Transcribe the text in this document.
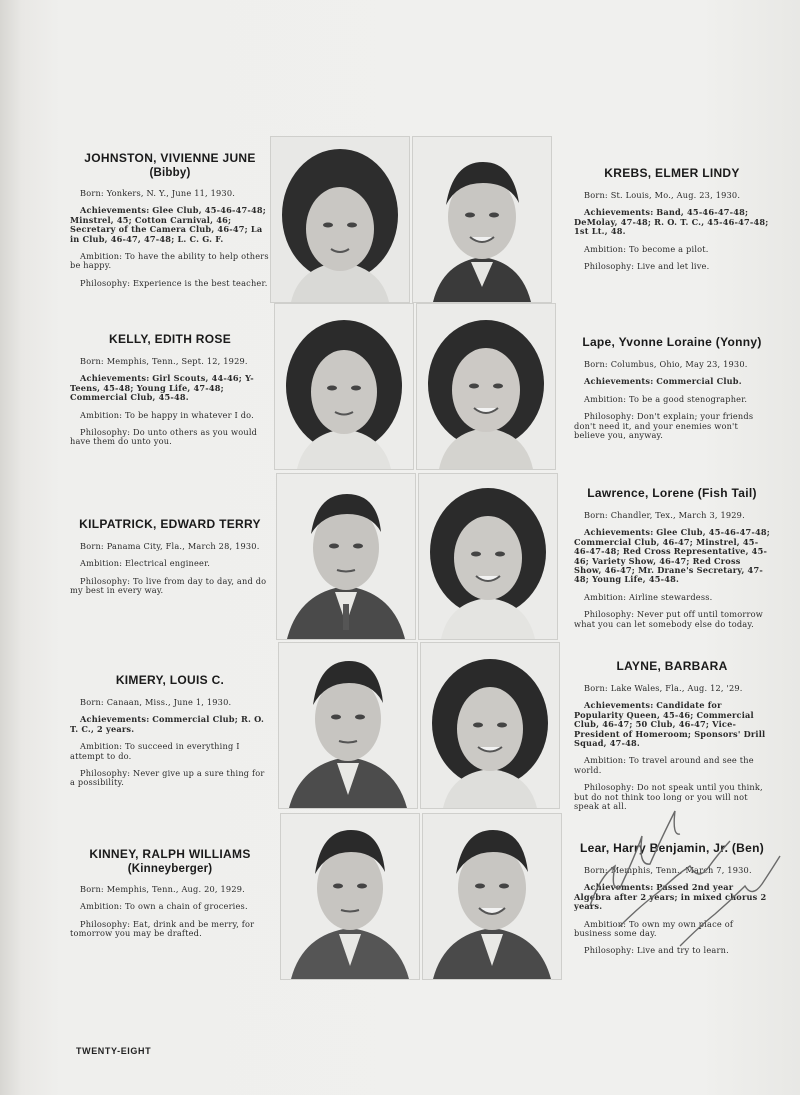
JOHNSTON, VIVIENNE JUNE
(Bibby)

Born: Yonkers, N. Y., June 11, 1930.

Achievements: Glee Club, 45-46-47-48; Minstrel, 45; Cotton Carnival, 46; Secretary of the Camera Club, 46-47; La in Club, 46-47, 47-48; L. C. G. F.

Ambition: To have the ability to help others be happy.

Philosophy: Experience is the best teacher.

KELLY, EDITH ROSE

Born: Memphis, Tenn., Sept. 12, 1929.

Achievements: Girl Scouts, 44-46; Y-Teens, 45-48; Young Life, 47-48; Commercial Club, 45-48.

Ambition: To be happy in whatever I do.

Philosophy: Do unto others as you would have them do unto you.

KILPATRICK, EDWARD TERRY

Born: Panama City, Fla., March 28, 1930.

Ambition: Electrical engineer.

Philosophy: To live from day to day, and do my best in every way.

KIMERY, LOUIS C.

Born: Canaan, Miss., June 1, 1930.

Achievements: Commercial Club; R. O. T. C., 2 years.

Ambition: To succeed in everything I attempt to do.

Philosophy: Never give up a sure thing for a possibility.

KINNEY, RALPH WILLIAMS
(Kinneyberger)

Born: Memphis, Tenn., Aug. 20, 1929.

Ambition: To own a chain of groceries.

Philosophy: Eat, drink and be merry, for tomorrow you may be drafted.

KREBS, ELMER LINDY

Born: St. Louis, Mo., Aug. 23, 1930.

Achievements: Band, 45-46-47-48; DeMolay, 47-48; R. O. T. C., 45-46-47-48; 1st Lt., 48.

Ambition: To become a pilot.

Philosophy: Live and let live.

Lape, Yvonne Loraine (Yonny)

Born: Columbus, Ohio, May 23, 1930.

Achievements: Commercial Club.

Ambition: To be a good stenographer.

Philosophy: Don't explain; your friends don't need it, and your enemies won't believe you, anyway.

Lawrence, Lorene (Fish Tail)

Born: Chandler, Tex., March 3, 1929.

Achievements: Glee Club, 45-46-47-48; Commercial Club, 46-47; Minstrel, 45-46-47-48; Red Cross Representative, 45-46; Variety Show, 46-47; Red Cross Show, 46-47; Mr. Drane's Secretary, 47-48; Young Life, 45-48.

Ambition: Airline stewardess.

Philosophy: Never put off until tomorrow what you can let somebody else do today.

LAYNE, BARBARA

Born: Lake Wales, Fla., Aug. 12, '29.

Achievements: Candidate for Popularity Queen, 45-46; Commercial Club, 46-47; 50 Club, 46-47; Vice-President of Homeroom; Sponsors' Drill Squad, 47-48.

Ambition: To travel around and see the world.

Philosophy: Do not speak until you think, but do not think too long or you will not speak at all.

Lear, Harry Benjamin, Jr. (Ben)

Born: Memphis, Tenn., March 7, 1930.

Achievements: Passed 2nd year Algebra after 2 years; in mixed chorus 2 years.

Ambition: To own my own place of business some day.

Philosophy: Live and try to learn.

TWENTY-EIGHT
